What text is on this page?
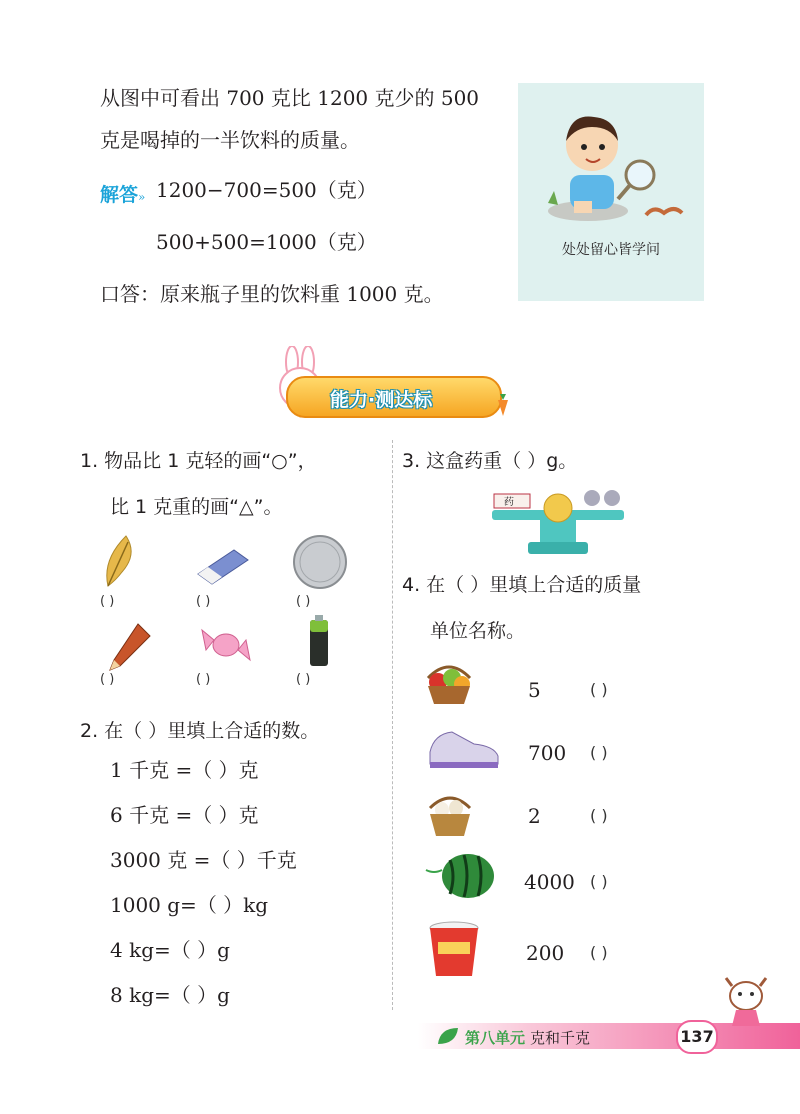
从图中可看出 700 克比 1200 克少的 500
克是喝掉的一半饮料的质量。
解答» 1200−700=500（克）
500+500=1000（克）
口答：原来瓶子里的饮料重 1000 克。
处处留心皆学问
能力·测达标
1. 物品比 1 克轻的画“○”，
比 1 克重的画“△”。
( )	( )	( )
( )	( )	( )
2. 在（ ）里填上合适的数。
1 千克 =（ ）克
6 千克 =（ ）克
3000 克 =（ ）千克
1000 g=（ ）kg
4 kg=（ ）g
8 kg=（ ）g
3. 这盒药重（ ）g。
药
4. 在（ ）里填上合适的质量
单位名称。
5	( )
700 ( )
2	( )
4000 ( )
200 ( )
第八单元 克和千克	137
